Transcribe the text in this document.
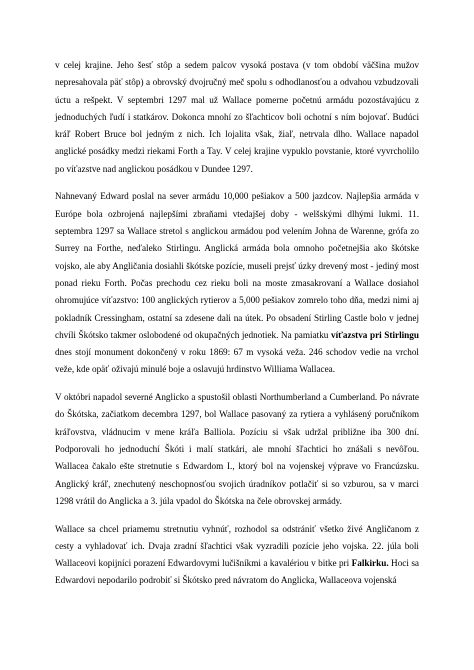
v celej krajine. Jeho šesť stôp a sedem palcov vysoká postava (v tom období väčšina mužov nepresahovala päť stôp) a obrovský dvojručný meč spolu s odhodlanosťou a odvahou vzbudzovali úctu a rešpekt. V septembri 1297 mal už Wallace pomerne početnú armádu pozostávajúcu z jednoduchých ľudí i statkárov. Dokonca mnohí zo šľachticov boli ochotní s ním bojovať. Budúci kráľ Robert Bruce bol jedným z nich. Ich lojalita však, žiaľ, netrvala dlho. Wallace napadol anglické posádky medzi riekami Forth a Tay. V celej krajine vypuklo povstanie, ktoré vyvrcholilo po víťazstve nad anglickou posádkou v Dundee 1297.

Nahnevaný Edward poslal na sever armádu 10,000 pešiakov a 500 jazdcov. Najlepšia armáda v Európe bola ozbrojená najlepšími zbraňami vtedajšej doby - welšskými dlhými lukmi. 11. septembra 1297 sa Wallace stretol s anglickou armádou pod velením Johna de Warenne, grófa zo Surrey na Forthe, neďaleko Stirlingu. Anglická armáda bola omnoho početnejšia ako škótske vojsko, ale aby Angličania dosiahli škótske pozície, museli prejsť úzky drevený most - jediný most ponad rieku Forth. Počas prechodu cez rieku boli na moste zmasakrovaní a Wallace dosiahol ohromujúce víťazstvo: 100 anglických rytierov a 5,000 pešiakov zomrelo toho dňa, medzi nimi aj pokladník Cressingham, ostatní sa zdesene dali na útek. Po obsadení Stirling Castle bolo v jednej chvíli Škótsko takmer oslobodené od okupačných jednotiek. Na pamiatku víťazstva pri Stirlingu dnes stojí monument dokončený v roku 1869: 67 m vysoká veža. 246 schodov vedie na vrchol veže, kde opäť oživajú minulé boje a oslavujú hrdinstvo Williama Wallacea.

V októbri napadol severné Anglicko a spustošil oblasti Northumberland a Cumberland. Po návrate do Škótska, začiatkom decembra 1297, bol Wallace pasovaný za rytiera a vyhlásený poručníkom kráľovstva, vládnucim v mene kráľa Balliola. Pozíciu si však udržal približne iba 300 dní. Podporovali ho jednoduchí Škóti i malí statkári, ale mnohí šľachtici ho znášali s nevôľou. Wallacea čakalo ešte stretnutie s Edwardom I., ktorý bol na vojenskej výprave vo Francúzsku. Anglický kráľ, znechutený neschopnosťou svojich úradníkov potlačiť si so vzburou, sa v marci 1298 vrátil do Anglicka a 3. júla vpadol do Škótska na čele obrovskej armády.

Wallace sa chcel priamemu stretnutiu vyhnúť, rozhodol sa odstrániť všetko živé Angličanom z cesty a vyhladovať ich. Dvaja zradní šľachtici však vyzradili pozície jeho vojska. 22. júla boli Wallaceovi kopijníci porazení Edwardovymi lučišníkmi a kavalériou v bitke pri Falkirku. Hoci sa Edwardovi nepodarilo podrobiť si Škótsko pred návratom do Anglicka, Wallaceova vojenská
